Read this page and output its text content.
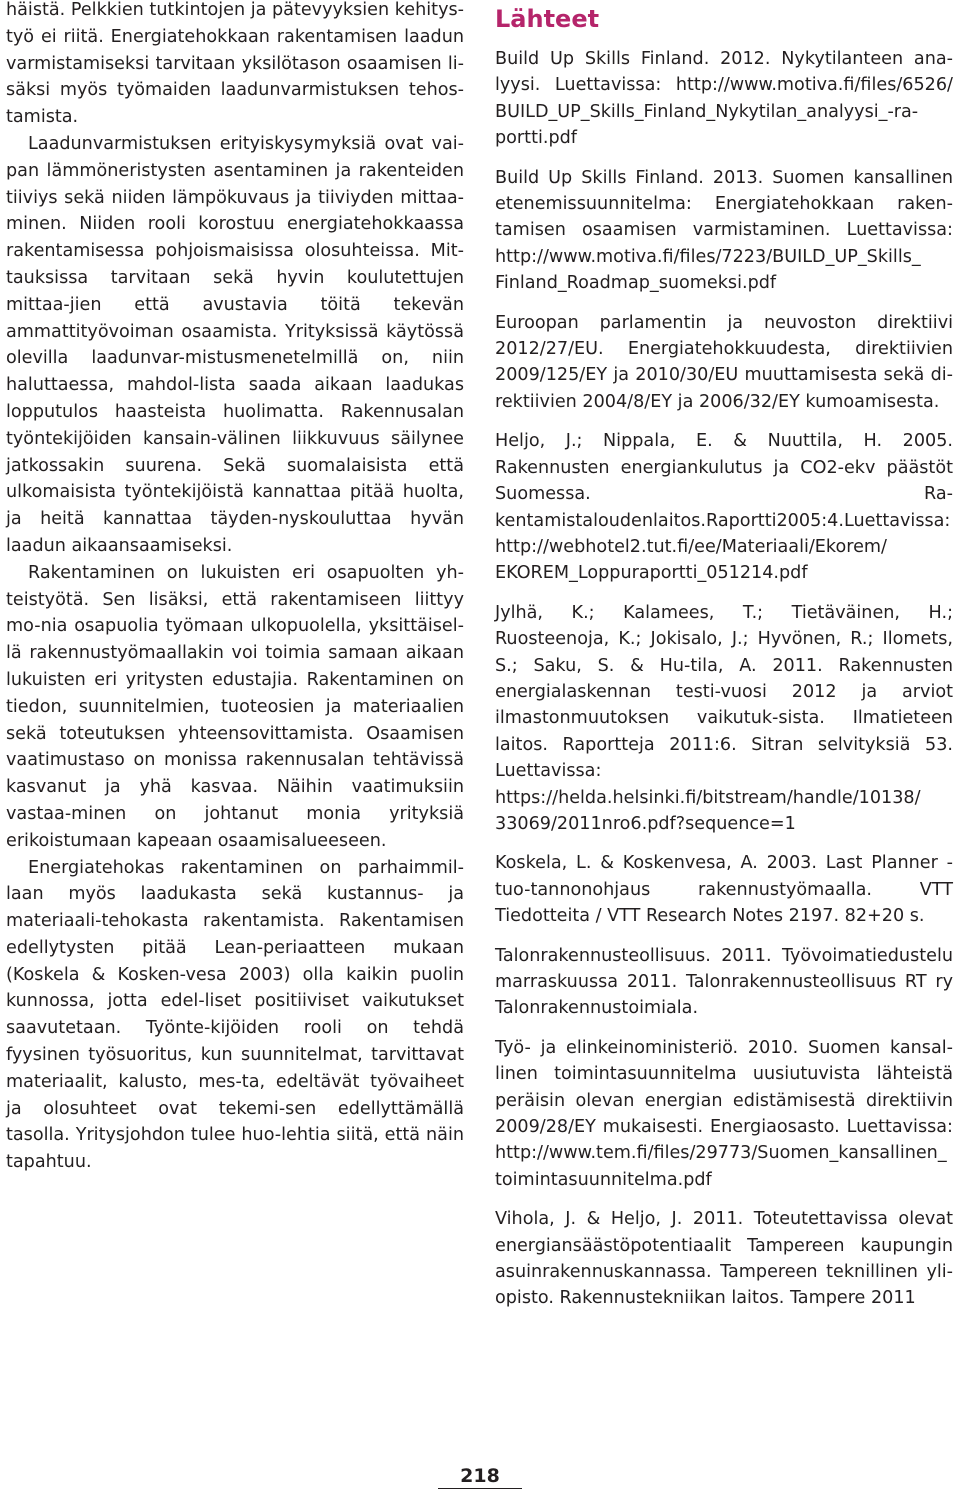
häistä. Pelkkien tutkintojen ja pätevyyksien kehitys-työ ei riitä. Energiatehokkaan rakentamisen laadun varmistamiseksi tarvitaan yksilötason osaamisen li-säksi myös työmaiden laadunvarmistuksen tehos-tamista.

Laadunvarmistuksen erityiskysymyksiä ovat vai-pan lämmöneristysten asentaminen ja rakenteiden tiiviys sekä niiden lämpökuvaus ja tiiviyden mittaa-minen. Niiden rooli korostuu energiatehokkaassa rakentamisessa pohjoismaisissa olosuhteissa. Mit-tauksissa tarvitaan sekä hyvin koulutettujen mittaa-jien että avustavia töitä tekevän ammattityövoiman osaamista. Yrityksissä käytössä olevilla laadunvar-mistusmenetelmillä on, niin haluttaessa, mahdol-lista saada aikaan laadukas lopputulos haasteista huolimatta. Rakennusalan työntekijöiden kansain-välinen liikkuvuus säilynee jatkossakin suurena. Sekä suomalaisista että ulkomaisista työntekijöistä kannattaa pitää huolta, ja heitä kannattaa täyden-nyskouluttaa hyvän laadun aikaansaamiseksi.

Rakentaminen on lukuisten eri osapuolten yh-teistyötä. Sen lisäksi, että rakentamiseen liittyy mo-nia osapuolia työmaan ulkopuolella, yksittäisel-lä rakennustyömaallakin voi toimia samaan aikaan lukuisten eri yritysten edustajia. Rakentaminen on tiedon, suunnitelmien, tuoteosien ja materiaalien sekä toteutuksen yhteensovittamista. Osaamisen vaatimustaso on monissa rakennusalan tehtävissä kasvanut ja yhä kasvaa. Näihin vaatimuksiin vastaa-minen on johtanut monia yrityksiä erikoistumaan kapeaan osaamisalueeseen.

Energiatehokas rakentaminen on parhaimmil-laan myös laadukasta sekä kustannus- ja materiaali-tehokasta rakentamista. Rakentamisen edellytysten pitää Lean-periaatteen mukaan (Koskela & Kosken-vesa 2003) olla kaikin puolin kunnossa, jotta edel-liset positiiviset vaikutukset saavutetaan. Työnte-kijöiden rooli on tehdä fyysinen työsuoritus, kun suunnitelmat, tarvittavat materiaalit, kalusto, mes-ta, edeltävät työvaiheet ja olosuhteet ovat tekemi-sen edellyttämällä tasolla. Yritysjohdon tulee huo-lehtia siitä, että näin tapahtuu.

Lähteet

Build Up Skills Finland. 2012. Nykytilanteen ana-lyysi. Luettavissa: http://www.motiva.fi/files/6526/ BUILD_UP_Skills_Finland_Nykytilan_analyysi_-ra-portti.pdf

Build Up Skills Finland. 2013. Suomen kansallinen etenemissuunnitelma: Energiatehokkaan raken-tamisen osaamisen varmistaminen. Luettavissa: http://www.motiva.fi/files/7223/BUILD_UP_Skills_ Finland_Roadmap_suomeksi.pdf

Euroopan parlamentin ja neuvoston direktiivi 2012/27/EU. Energiatehokkuudesta, direktiivien 2009/125/EY ja 2010/30/EU muuttamisesta sekä di-rektiivien 2004/8/EY ja 2006/32/EY kumoamisesta.

Heljo, J.; Nippala, E. & Nuuttila, H. 2005. Rakennusten energiankulutus ja CO2-ekv päästöt Suomessa. Ra-kentamistaloudenlaitos.Raportti2005:4.Luettavissa: http://webhotel2.tut.fi/ee/Materiaali/Ekorem/ EKOREM_Loppuraportti_051214.pdf

Jylhä, K.; Kalamees, T.; Tietäväinen, H.; Ruosteenoja, K.; Jokisalo, J.; Hyvönen, R.; Ilomets, S.; Saku, S. & Hu-tila, A. 2011. Rakennusten energialaskennan testi-vuosi 2012 ja arviot ilmastonmuutoksen vaikutuk-sista. Ilmatieteen laitos. Raportteja 2011:6. Sitran selvityksiä 53. Luettavissa: https://helda.helsinki.fi/bitstream/handle/10138/ 33069/2011nro6.pdf?sequence=1

Koskela, L. & Koskenvesa, A. 2003. Last Planner -tuo-tannonohjaus rakennustyömaalla. VTT Tiedotteita / VTT Research Notes 2197. 82+20 s.

Talonrakennusteollisuus. 2011. Työvoimatiedustelu marraskuussa 2011. Talonrakennusteollisuus RT ry Talonrakennustoimiala.

Työ- ja elinkeinoministeriö. 2010. Suomen kansal-linen toimintasuunnitelma uusiutuvista lähteistä peräisin olevan energian edistämisestä direktiivin 2009/28/EY mukaisesti. Energiaosasto. Luettavissa: http://www.tem.fi/files/29773/Suomen_kansallinen_ toimintasuunnitelma.pdf

Vihola, J. & Heljo, J. 2011. Toteutettavissa olevat energiansäästöpotentiaalit Tampereen kaupungin asuinrakennuskannassa. Tampereen teknillinen yli-opisto. Rakennustekniikan laitos. Tampere 2011

218
